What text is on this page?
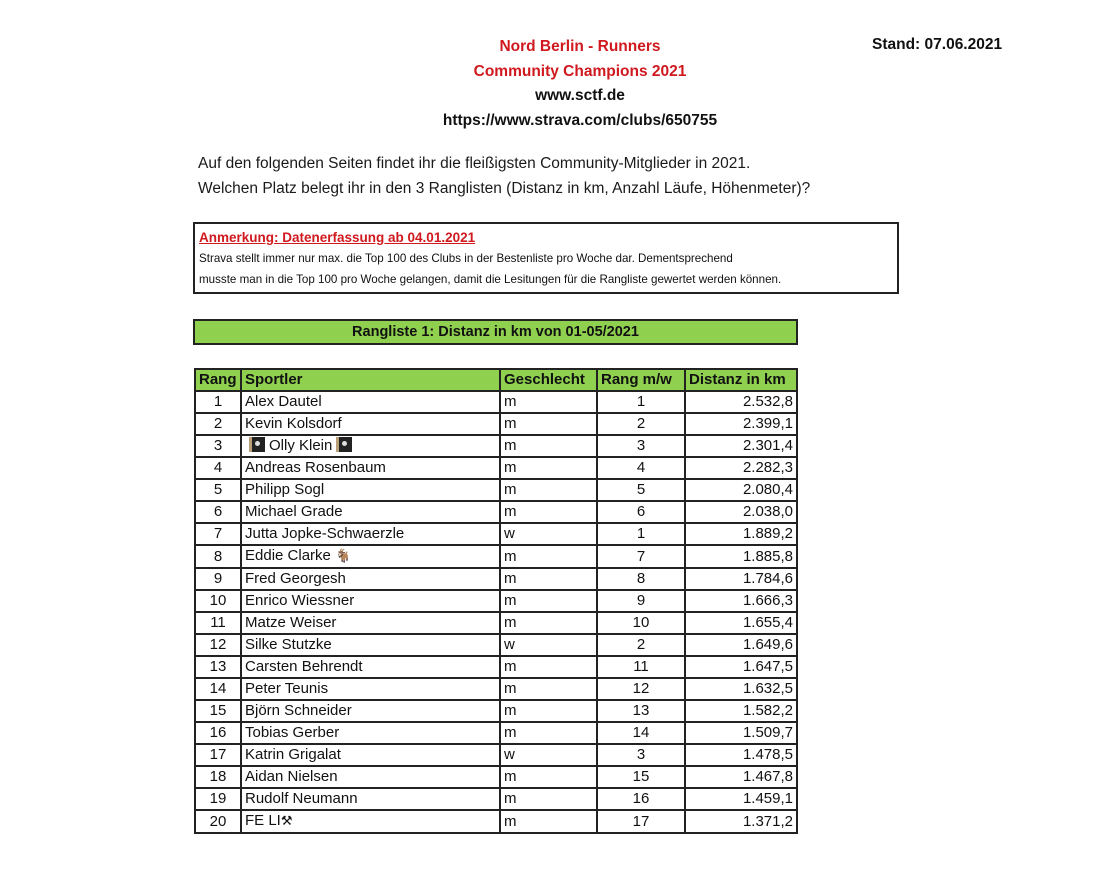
Nord Berlin - Runners
Community Champions 2021
www.sctf.de
https://www.strava.com/clubs/650755
Stand: 07.06.2021
Auf den folgenden Seiten findet ihr die fleißigsten Community-Mitglieder in 2021.
Welchen Platz belegt ihr in den 3 Ranglisten (Distanz in km, Anzahl Läufe, Höhenmeter)?
Anmerkung: Datenerfassung ab 04.01.2021
Strava stellt immer nur max. die Top 100 des Clubs in der Bestenliste pro Woche dar. Dementsprechend
musste man in die Top 100 pro Woche gelangen, damit die Lesitungen für die Rangliste gewertet werden können.
Rangliste 1: Distanz in km von 01-05/2021
Rang	Sportler	Geschlecht	Rang m/w	Distanz in km
1	Alex Dautel	m	1	2.532,8
2	Kevin Kolsdorf	m	2	2.399,1
3	Olly Klein	m	3	2.301,4
4	Andreas Rosenbaum	m	4	2.282,3
5	Philipp Sogl	m	5	2.080,4
6	Michael Grade	m	6	2.038,0
7	Jutta Jopke-Schwaerzle	w	1	1.889,2
8	Eddie Clarke 🐐	m	7	1.885,8
9	Fred Georgesh	m	8	1.784,6
10	Enrico Wiessner	m	9	1.666,3
11	Matze Weiser	m	10	1.655,4
12	Silke Stutzke	w	2	1.649,6
13	Carsten Behrendt	m	11	1.647,5
14	Peter Teunis	m	12	1.632,5
15	Björn Schneider	m	13	1.582,2
16	Tobias Gerber	m	14	1.509,7
17	Katrin Grigalat	w	3	1.478,5
18	Aidan Nielsen	m	15	1.467,8
19	Rudolf Neumann	m	16	1.459,1
20	FE LI⚒	m	17	1.371,2
